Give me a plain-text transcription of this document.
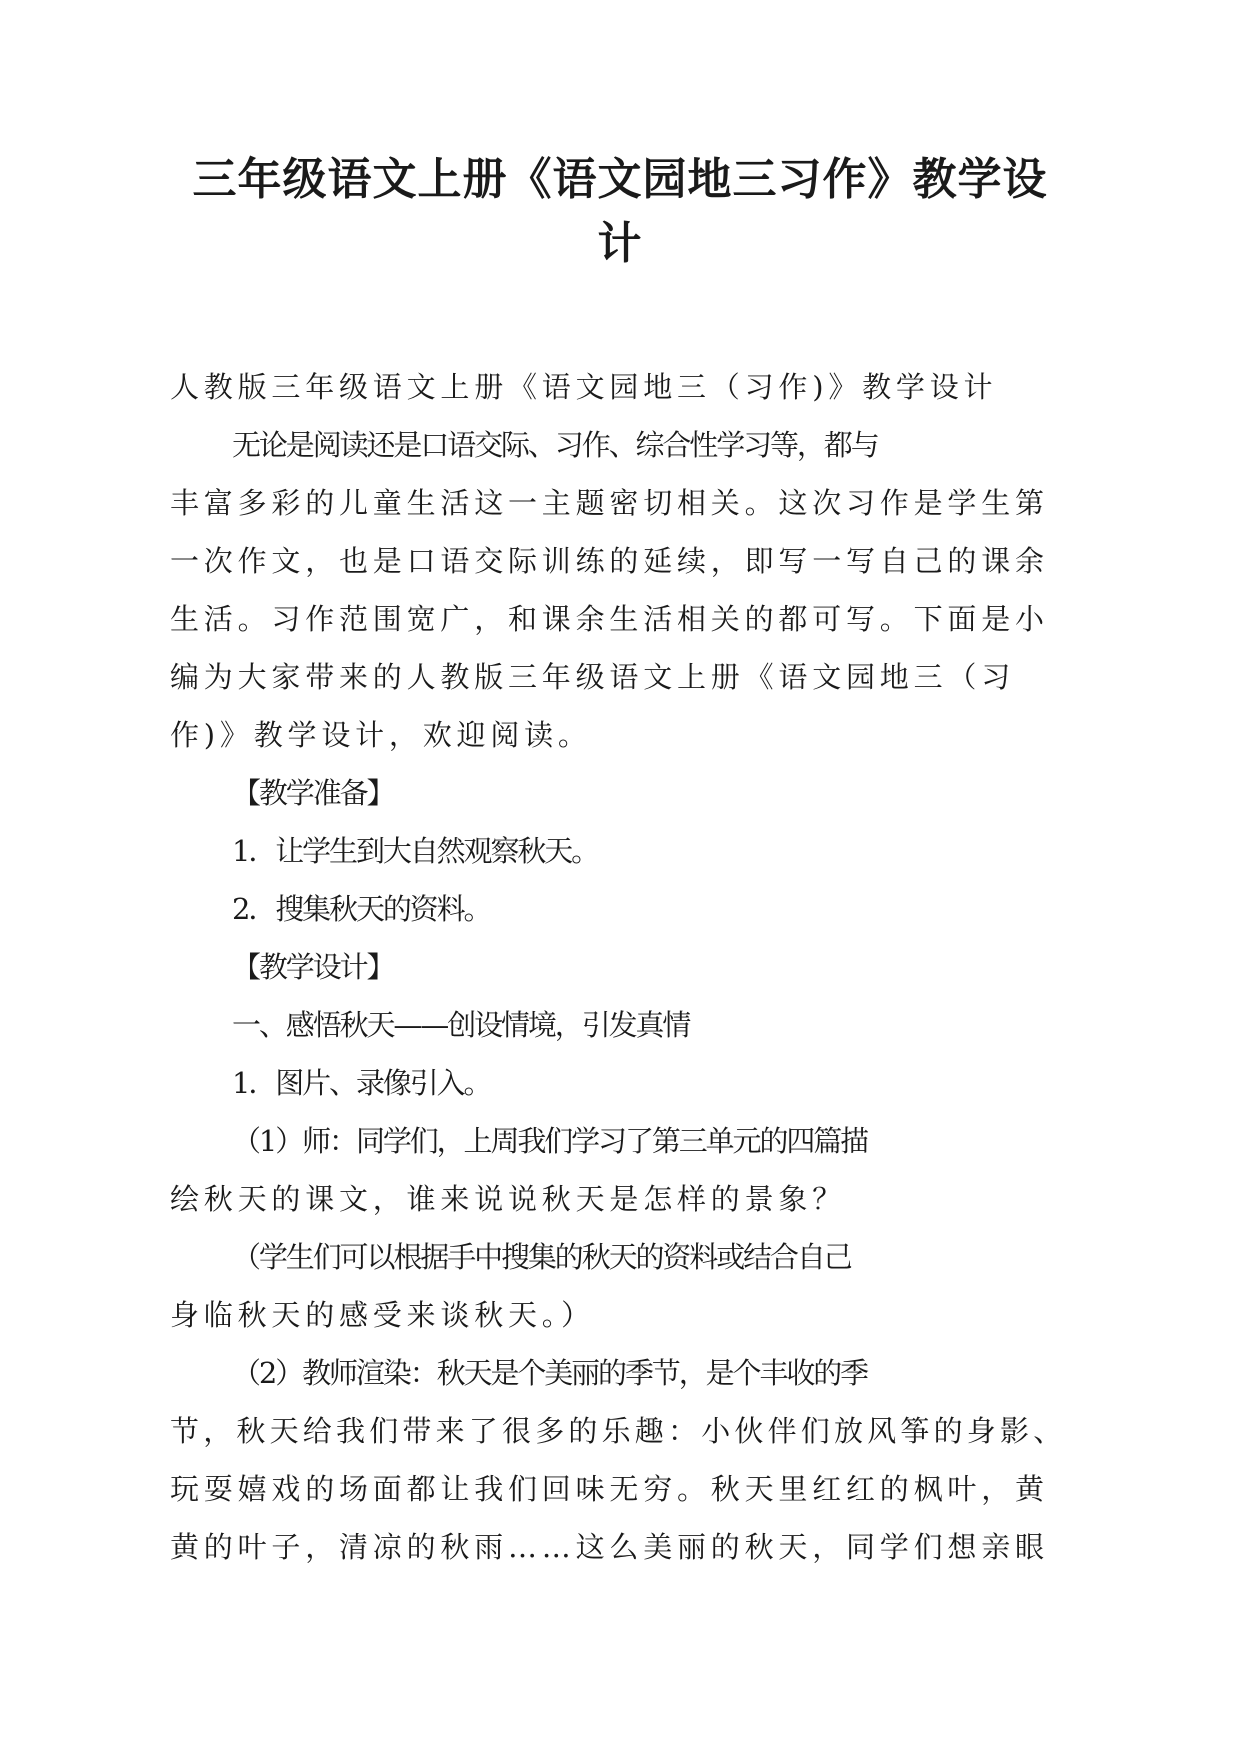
三年级语文上册《语文园地三习作》教学设
计
人教版三年级语文上册《语文园地三（习作)》教学设计
无论是阅读还是口语交际、习作、综合性学习等，都与
丰富多彩的儿童生活这一主题密切相关。这次习作是学生第
一次作文，也是口语交际训练的延续，即写一写自己的课余
生活。习作范围宽广，和课余生活相关的都可写。下面是小
编为大家带来的人教版三年级语文上册《语文园地三（习
作)》教学设计，欢迎阅读。
【教学准备】
1．让学生到大自然观察秋天。
2．搜集秋天的资料。
【教学设计】
一、感悟秋天——创设情境，引发真情
1．图片、录像引入。
（1）师：同学们，上周我们学习了第三单元的四篇描
绘秋天的课文，谁来说说秋天是怎样的景象？
（学生们可以根据手中搜集的秋天的资料或结合自己
身临秋天的感受来谈秋天。）
（2）教师渲染：秋天是个美丽的季节，是个丰收的季
节，秋天给我们带来了很多的乐趣：小伙伴们放风筝的身影、
玩耍嬉戏的场面都让我们回味无穷。秋天里红红的枫叶，黄
黄的叶子，清凉的秋雨……这么美丽的秋天，同学们想亲眼
